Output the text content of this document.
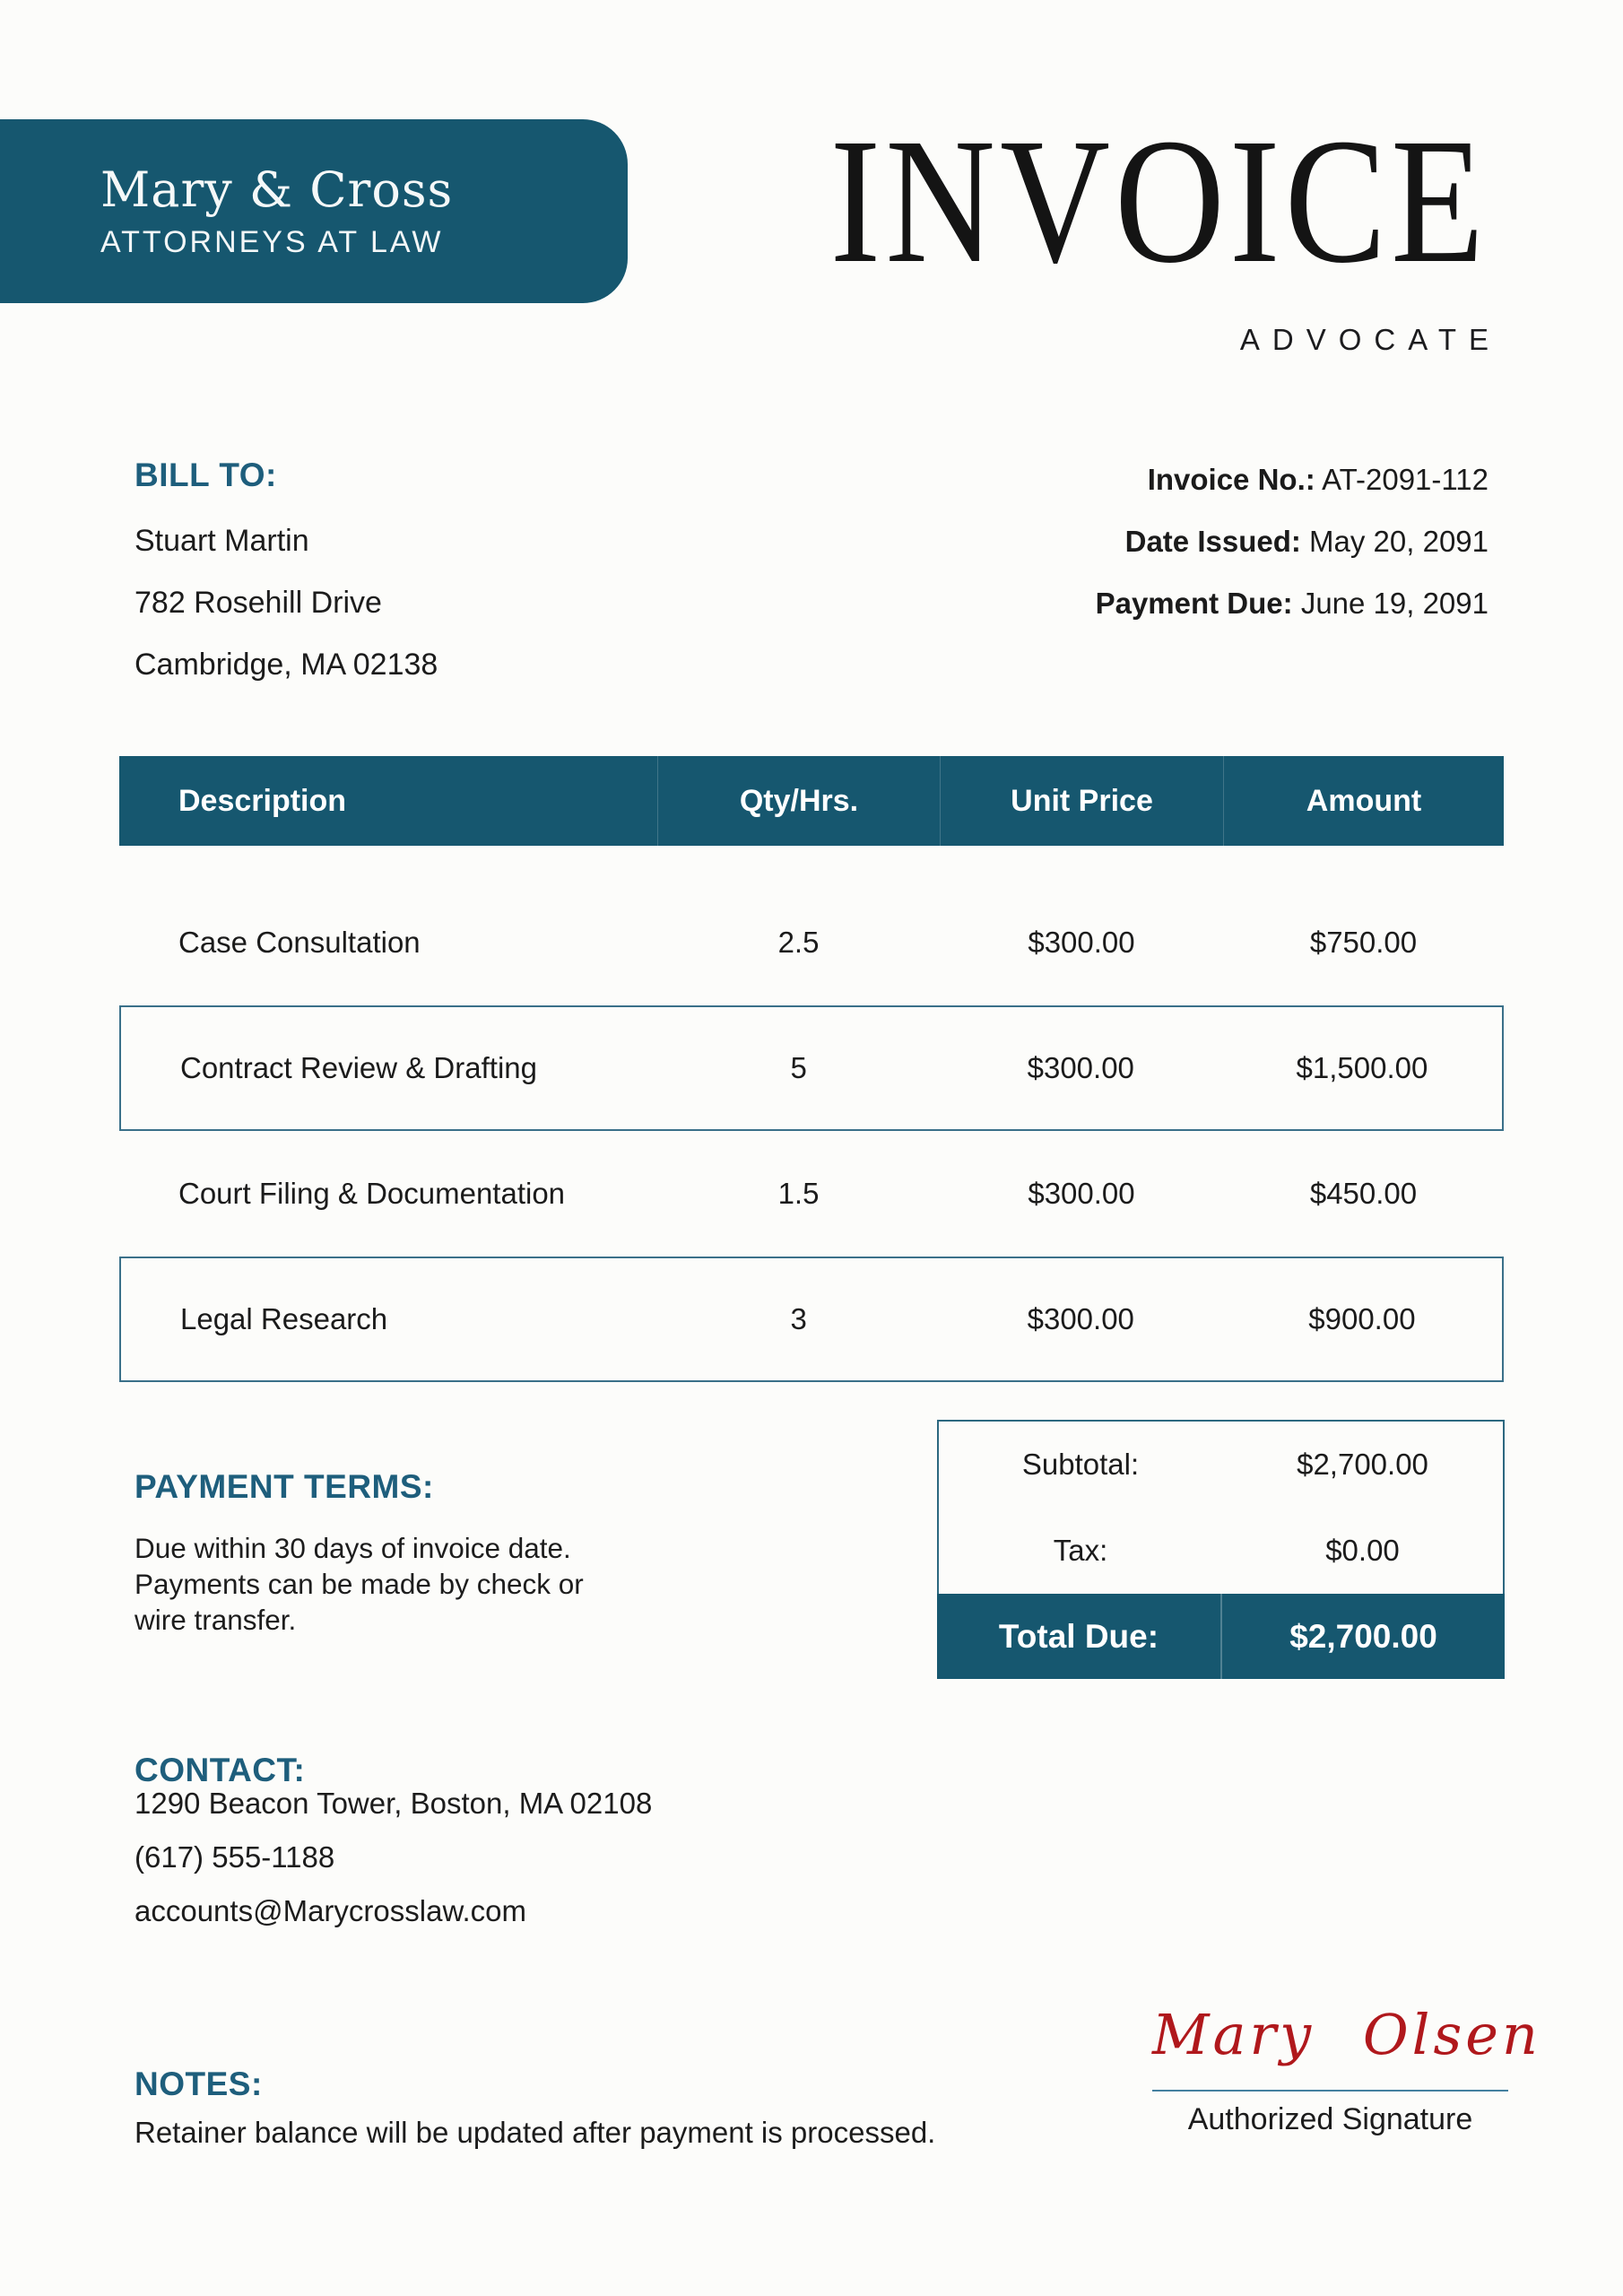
Mary & Cross
ATTORNEYS AT LAW	INVOICE
ADVOCATE
BILL TO:
Stuart Martin
782 Rosehill Drive
Cambridge, MA 02138
Invoice No.: AT-2091-112
Date Issued: May 20, 2091
Payment Due: June 19, 2091
Description	Qty/Hrs.	Unit Price	Amount
Case Consultation	2.5	$300.00	$750.00
Contract Review & Drafting	5	$300.00	$1,500.00
Court Filing & Documentation	1.5	$300.00	$450.00
Legal Research	3	$300.00	$900.00
Subtotal:	$2,700.00
Tax:	$0.00
Total Due:	$2,700.00
PAYMENT TERMS:
Due within 30 days of invoice date. Payments can be made by check or wire transfer.
CONTACT:
1290 Beacon Tower, Boston, MA 02108
(617) 555-1188
accounts@Marycrosslaw.com
NOTES:
Retainer balance will be updated after payment is processed.
Mary Olsen
Authorized Signature
